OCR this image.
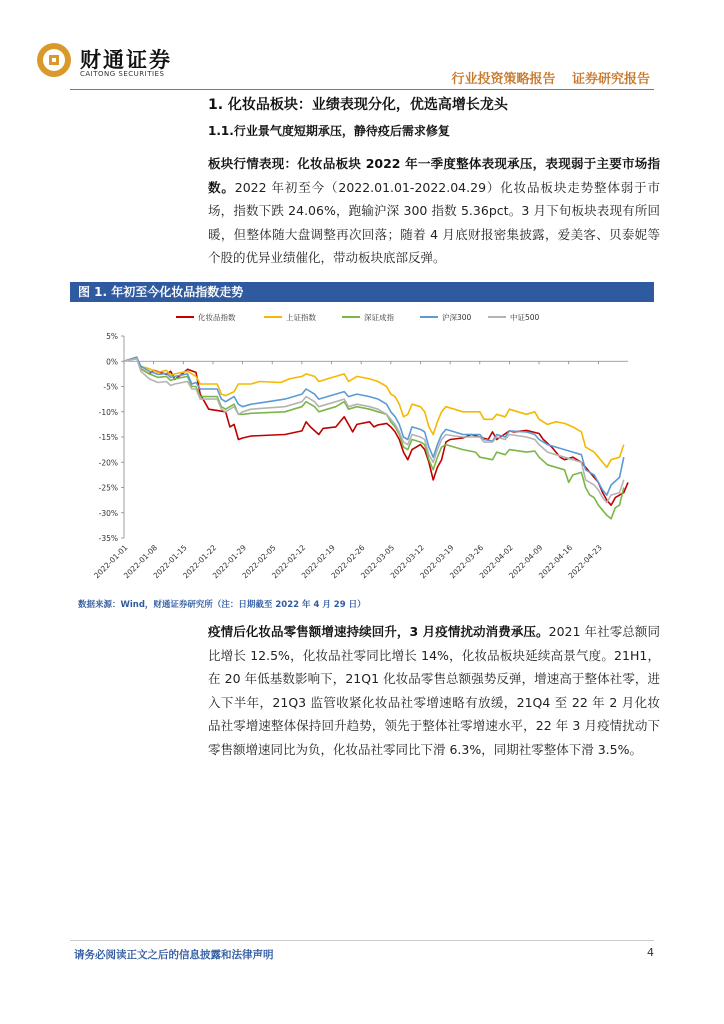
财通证券
CAITONG SECURITIES	行业投资策略报告 证券研究报告
1. 化妆品板块：业绩表现分化，优选高增长龙头
1.1.行业景气度短期承压，静待疫后需求修复
板块行情表现：化妆品板块 2022 年一季度整体表现承压，表现弱于主要市场指数。2022 年初至今（2022.01.01-2022.04.29）化妆品板块走势整体弱于市场，指数下跌 24.06%，跑输沪深 300 指数 5.36pct。3 月下旬板块表现有所回暖，但整体随大盘调整再次回落；随着 4 月底财报密集披露，爱美客、贝泰妮等个股的优异业绩催化，带动板块底部反弹。
图 1. 年初至今化妆品指数走势
化妆品指数	上证指数	深证成指	沪深300	中证500
5%
0%
-5%
-10%
-15%
-20%
-25%
-30%
-35%
2022-01-01
2022-01-08
2022-01-15
2022-01-22
2022-01-29
2022-02-05
2022-02-12
2022-02-19
2022-02-26
2022-03-05
2022-03-12
2022-03-19
2022-03-26
2022-04-02
2022-04-09
2022-04-16
2022-04-23
数据来源：Wind，财通证券研究所（注：日期截至 2022 年 4 月 29 日）
疫情后化妆品零售额增速持续回升，3 月疫情扰动消费承压。2021 年社零总额同比增长 12.5%，化妆品社零同比增长 14%，化妆品板块延续高景气度。21H1，在 20 年低基数影响下，21Q1 化妆品零售总额强势反弹，增速高于整体社零，进入下半年，21Q3 监管收紧化妆品社零增速略有放缓，21Q4 至 22 年 2 月化妆品社零增速整体保持回升趋势，领先于整体社零增速水平，22 年 3 月疫情扰动下零售额增速同比为负，化妆品社零同比下滑 6.3%，同期社零整体下滑 3.5%。
请务必阅读正文之后的信息披露和法律声明	4
